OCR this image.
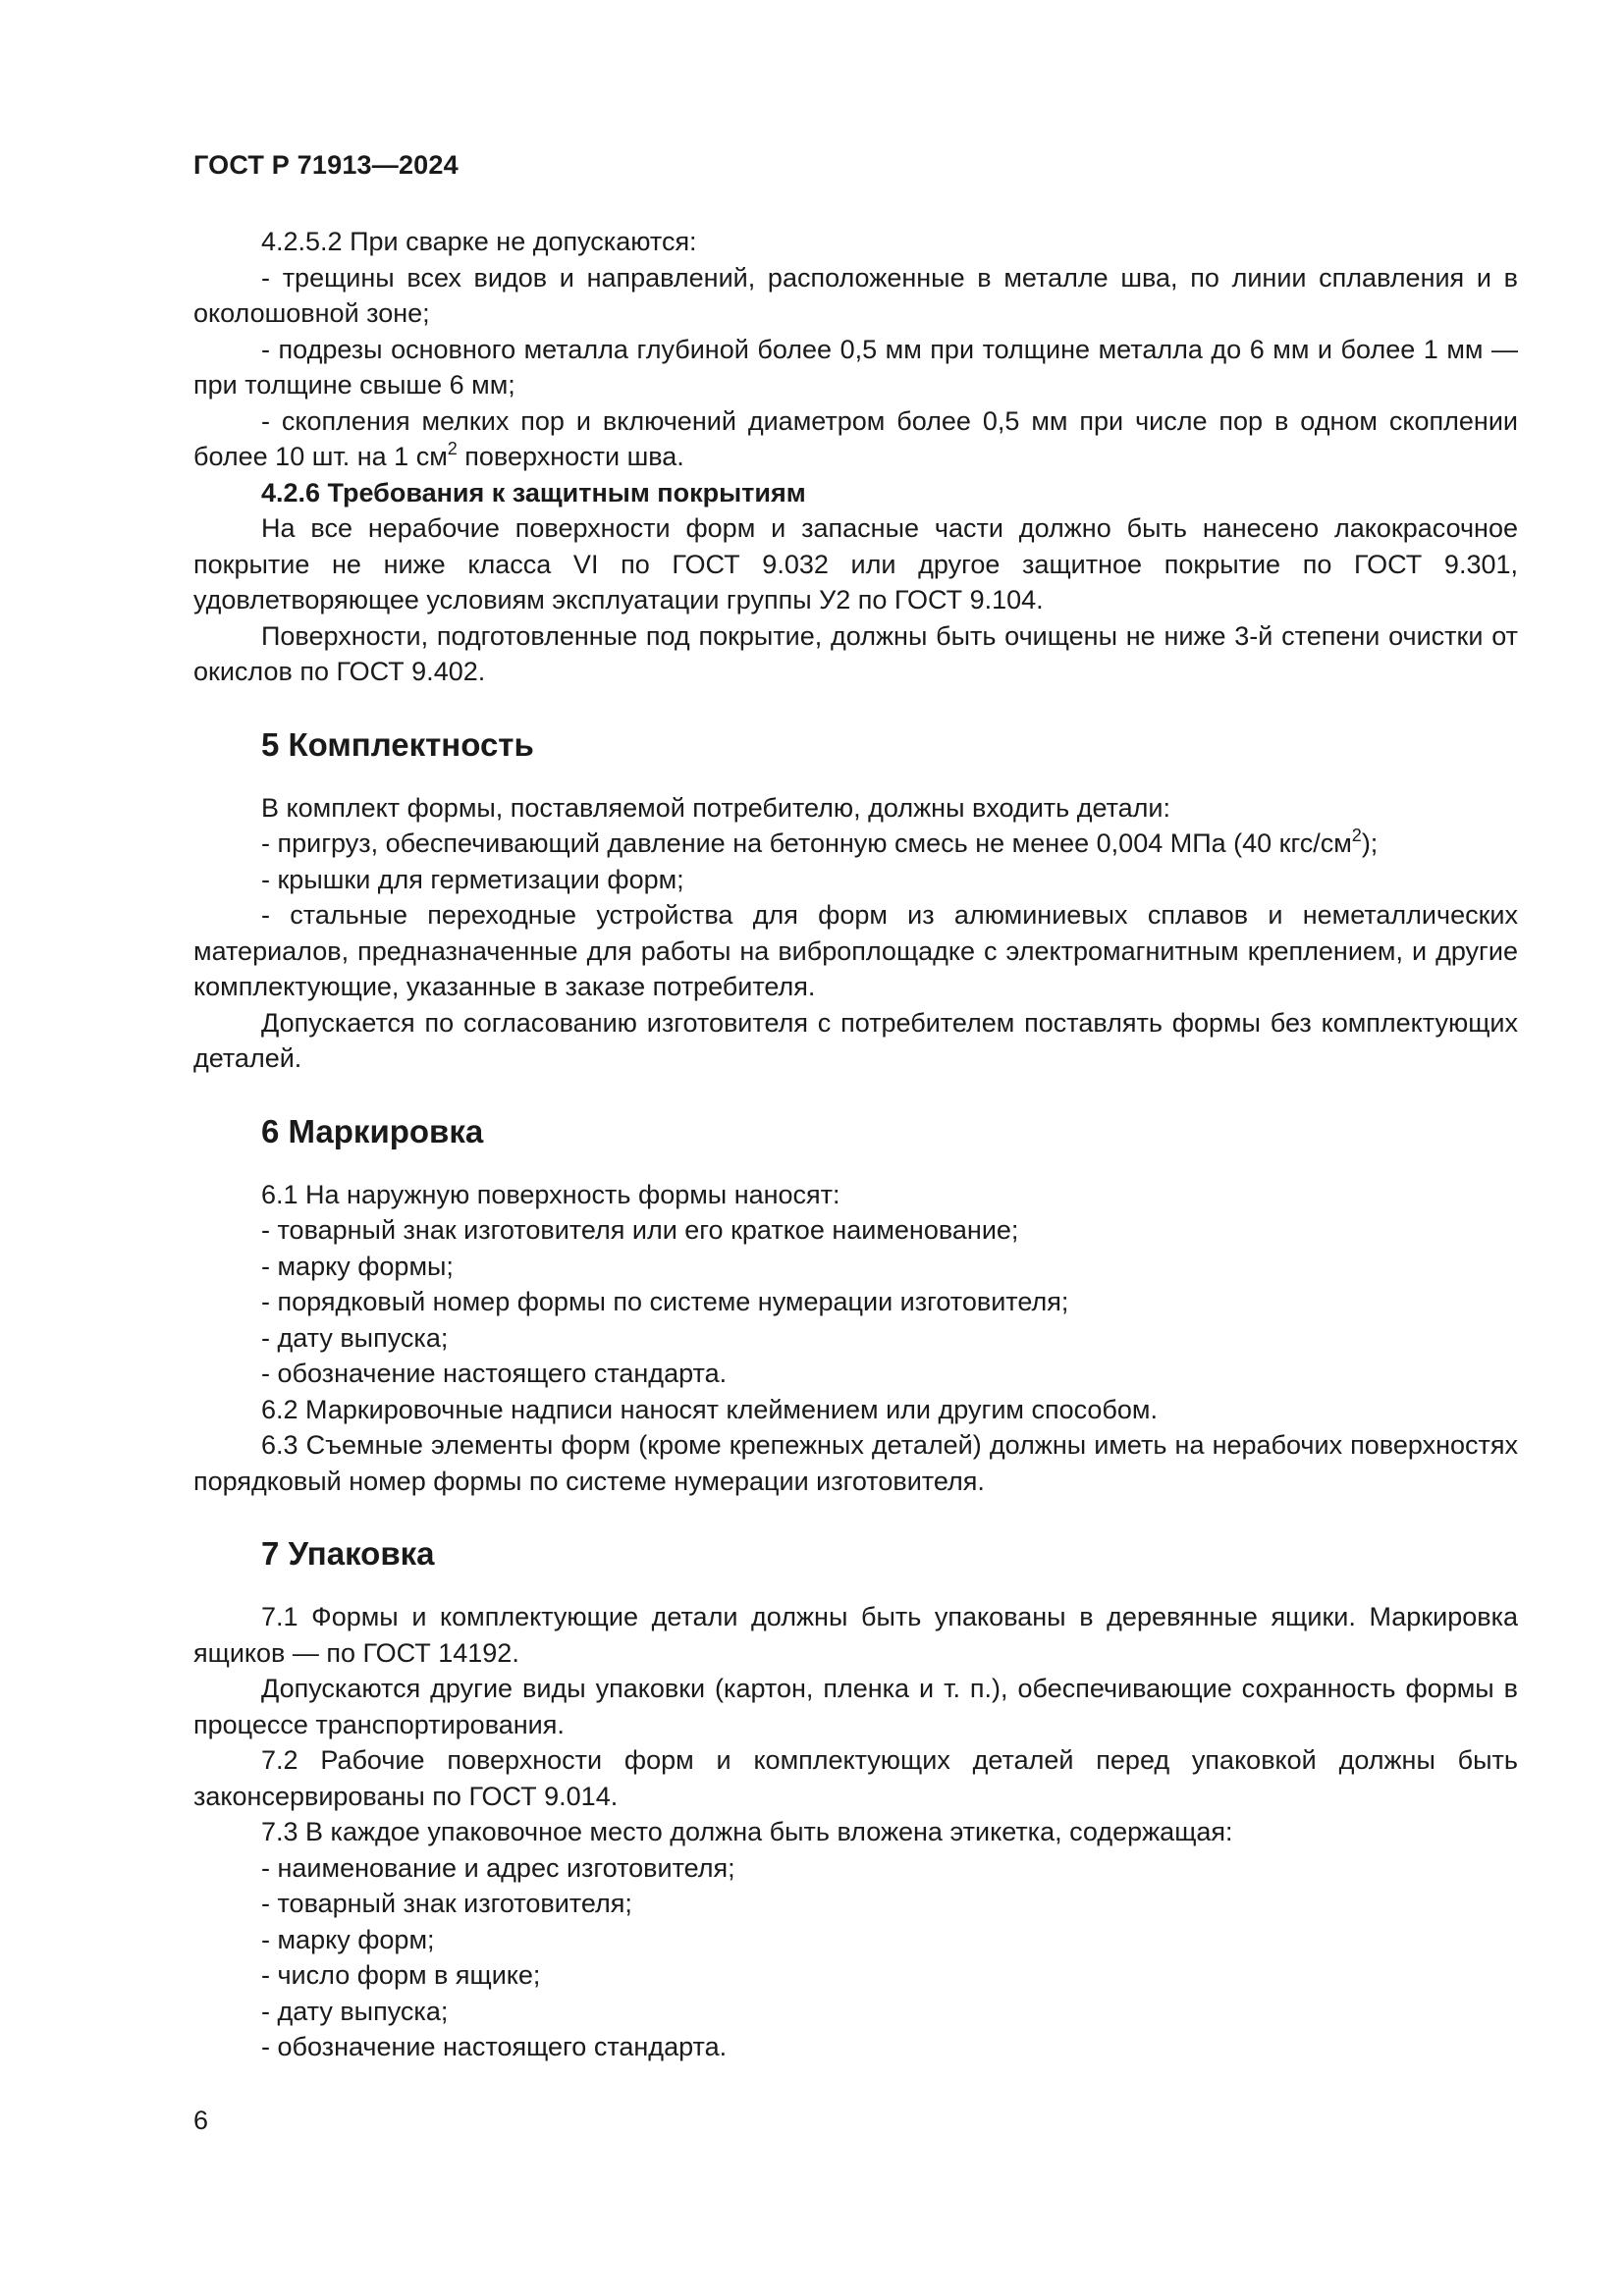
ГОСТ Р 71913—2024

4.2.5.2 При сварке не допускаются:

- трещины всех видов и направлений, расположенные в металле шва, по линии сплавления и в околошовной зоне;

- подрезы основного металла глубиной более 0,5 мм при толщине металла до 6 мм и более 1 мм — при толщине свыше 6 мм;

- скопления мелких пор и включений диаметром более 0,5 мм при числе пор в одном скоплении более 10 шт. на 1 $см^2$ поверхности шва.

4.2.6 Требования к защитным покрытиям

На все нерабочие поверхности форм и запасные части должно быть нанесено лакокрасочное покрытие не ниже класса VI по ГОСТ 9.032 или другое защитное покрытие по ГОСТ 9.301, удовлетворяющее условиям эксплуатации группы У2 по ГОСТ 9.104.

Поверхности, подготовленные под покрытие, должны быть очищены не ниже 3-й степени очистки от окислов по ГОСТ 9.402.

5 Комплектность

В комплект формы, поставляемой потребителю, должны входить детали:

- пригруз, обеспечивающий давление на бетонную смесь не менее 0,004 МПа (40 кгс/$см^2$);

- крышки для герметизации форм;

- стальные переходные устройства для форм из алюминиевых сплавов и неметаллических материалов, предназначенные для работы на виброплощадке с электромагнитным креплением, и другие комплектующие, указанные в заказе потребителя.

Допускается по согласованию изготовителя с потребителем поставлять формы без комплектующих деталей.

6 Маркировка

6.1 На наружную поверхность формы наносят:

- товарный знак изготовителя или его краткое наименование;

- марку формы;

- порядковый номер формы по системе нумерации изготовителя;

- дату выпуска;

- обозначение настоящего стандарта.

6.2 Маркировочные надписи наносят клеймением или другим способом.

6.3 Съемные элементы форм (кроме крепежных деталей) должны иметь на нерабочих поверхностях порядковый номер формы по системе нумерации изготовителя.

7 Упаковка

7.1 Формы и комплектующие детали должны быть упакованы в деревянные ящики. Маркировка ящиков — по ГОСТ 14192.

Допускаются другие виды упаковки (картон, пленка и т. п.), обеспечивающие сохранность формы в процессе транспортирования.

7.2 Рабочие поверхности форм и комплектующих деталей перед упаковкой должны быть законсервированы по ГОСТ 9.014.

7.3 В каждое упаковочное место должна быть вложена этикетка, содержащая:

- наименование и адрес изготовителя;

- товарный знак изготовителя;

- марку форм;

- число форм в ящике;

- дату выпуска;

- обозначение настоящего стандарта.

6
